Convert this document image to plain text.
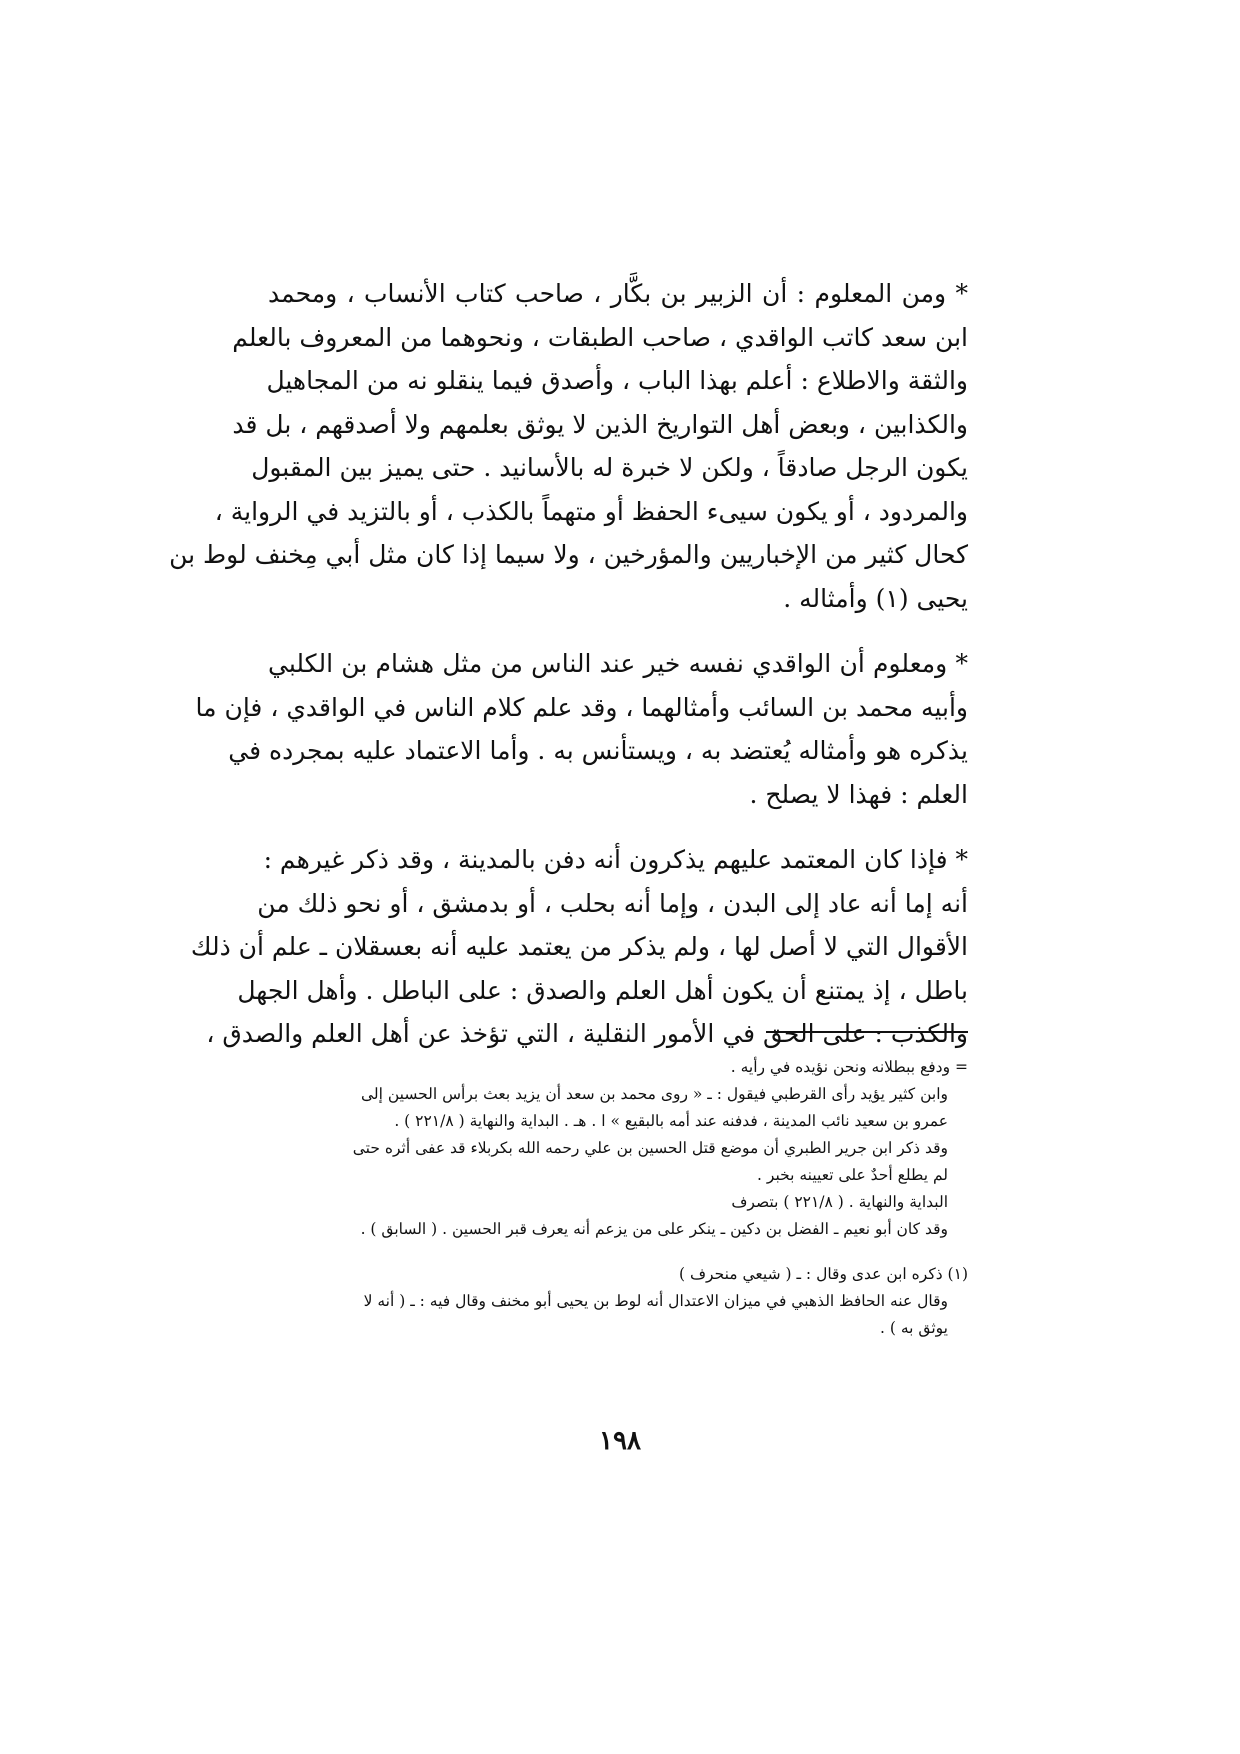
* ومن المعلوم : أن الزبير بن بكَّار ، صاحب كتاب الأنساب ، ومحمد
ابن سعد كاتب الواقدي ، صاحب الطبقات ، ونحوهما من المعروف بالعلم
والثقة والاطلاع : أعلم بهذا الباب ، وأصدق فيما ينقلو نه من المجاهيل
والكذابين ، وبعض أهل التواريخ الذين لا يوثق بعلمهم ولا أصدقهم ، بل قد
يكون الرجل صادقاً ، ولكن لا خبرة له بالأسانيد . حتى يميز بين المقبول
والمردود ، أو يكون سيىء الحفظ أو متهماً بالكذب ، أو بالتزيد في الرواية ،
كحال كثير من الإخباريين والمؤرخين ، ولا سيما إذا كان مثل أبي مِخنف لوط بن
يحيى (١) وأمثاله .

* ومعلوم أن الواقدي نفسه خير عند الناس من مثل هشام بن الكلبي
وأبيه محمد بن السائب وأمثالهما ، وقد علم كلام الناس في الواقدي ، فإن ما
يذكره هو وأمثاله يُعتضد به ، ويستأنس به . وأما الاعتماد عليه بمجرده في
العلم : فهذا لا يصلح .

* فإذا كان المعتمد عليهم يذكرون أنه دفن بالمدينة ، وقد ذكر غيرهم :
أنه إما أنه عاد إلى البدن ، وإما أنه بحلب ، أو بدمشق ، أو نحو ذلك من
الأقوال التي لا أصل لها ، ولم يذكر من يعتمد عليه أنه بعسقلان ـ علم أن ذلك
باطل ، إذ يمتنع أن يكون أهل العلم والصدق : على الباطل . وأهل الجهل
والكذب : على الحق في الأمور النقلية ، التي تؤخذ عن أهل العلم والصدق ،

= ودفع ببطلانه ونحن نؤيده في رأيه .
وابن كثير يؤيد رأى القرطبي فيقول : ـ « روى محمد بن سعد أن يزيد بعث برأس الحسين إلى
عمرو بن سعيد نائب المدينة ، فدفنه عند أمه بالبقيع » ا . هـ . البداية والنهاية ( ٢٢١/٨ ) .
وقد ذكر ابن جرير الطبري أن موضع قتل الحسين بن علي رحمه الله بكربلاء قد عفى أثره حتى
لم يطلع أحدٌ على تعيينه بخبر .
البداية والنهاية . ( ٢٢١/٨ ) بتصرف
وقد كان أبو نعيم ـ الفضل بن دكين ـ ينكر على من يزعم أنه يعرف قبر الحسين . ( السابق ) .
(١) ذكره ابن عدى وقال : ـ ( شيعي منحرف )
وقال عنه الحافظ الذهبي في ميزان الاعتدال أنه لوط بن يحيى أبو مخنف وقال فيه : ـ ( أنه لا
يوثق به ) .
١٩٨
